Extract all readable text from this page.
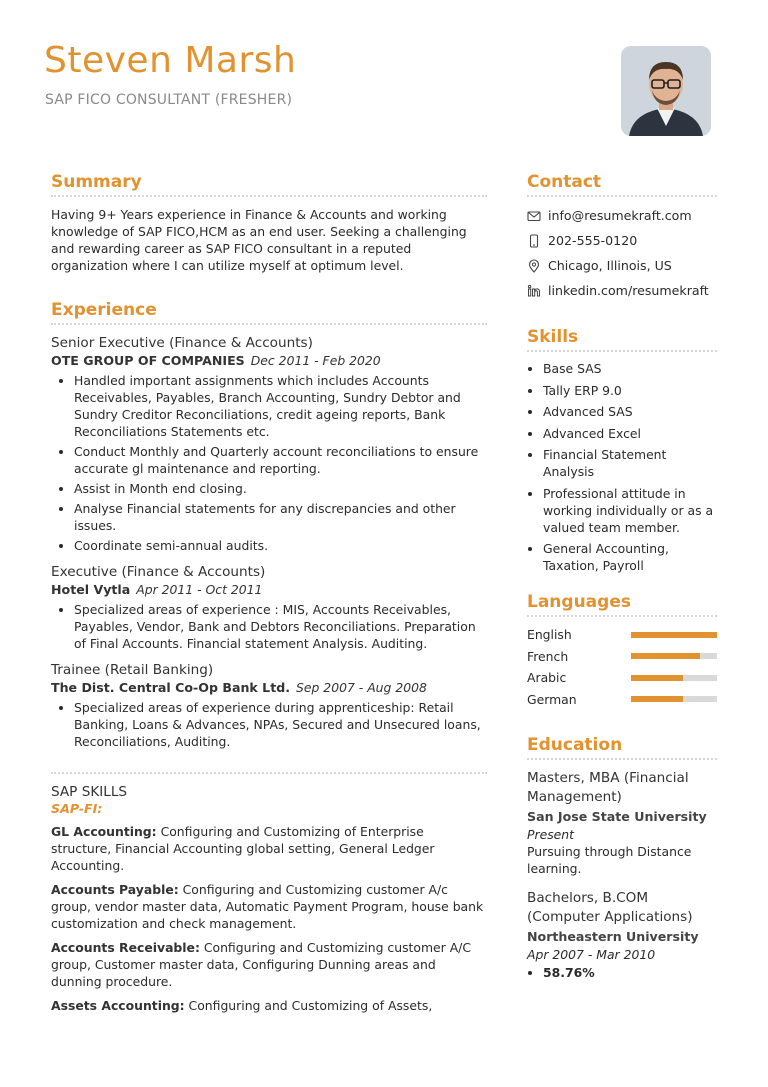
Steven Marsh
SAP FICO CONSULTANT (FRESHER)
Summary

Having 9+ Years experience in Finance & Accounts and working knowledge of SAP FICO,HCM as an end user. Seeking a challenging and rewarding career as SAP FICO consultant in a reputed organization where I can utilize myself at optimum level.

Experience
Senior Executive (Finance & Accounts)
OTE GROUP OF COMPANIES Dec 2011 - Feb 2020
• Handled important assignments which includes Accounts Receivables, Payables, Branch Accounting, Sundry Debtor and Sundry Creditor Reconciliations, credit ageing reports, Bank Reconciliations Statements etc.
• Conduct Monthly and Quarterly account reconciliations to ensure accurate gl maintenance and reporting.
• Assist in Month end closing.
• Analyse Financial statements for any discrepancies and other issues.
• Coordinate semi-annual audits.
Executive (Finance & Accounts)
Hotel Vytla Apr 2011 - Oct 2011
• Specialized areas of experience : MIS, Accounts Receivables, Payables, Vendor, Bank and Debtors Reconciliations. Preparation of Final Accounts. Financial statement Analysis. Auditing.
Trainee (Retail Banking)
The Dist. Central Co-Op Bank Ltd. Sep 2007 - Aug 2008
• Specialized areas of experience during apprenticeship: Retail Banking, Loans & Advances, NPAs, Secured and Unsecured loans, Reconciliations, Auditing.
SAP SKILLS
SAP-FI:
GL Accounting: Configuring and Customizing of Enterprise structure, Financial Accounting global setting, General Ledger Accounting.
Accounts Payable: Configuring and Customizing customer A/c group, vendor master data, Automatic Payment Program, house bank customization and check management.
Accounts Receivable: Configuring and Customizing customer A/C group, Customer master data, Configuring Dunning areas and dunning procedure.
Assets Accounting: Configuring and Customizing of Assets,
Contact
info@resumekraft.com
202-555-0120
Chicago, Illinois, US
linkedin.com/resumekraft
Skills
• Base SAS
• Tally ERP 9.0
• Advanced SAS
• Advanced Excel
• Financial Statement Analysis
• Professional attitude in working individually or as a valued team member.
• General Accounting, Taxation, Payroll
Languages
English
French
Arabic
German
Education
Masters, MBA (Financial Management)
San Jose State University
Present
Pursuing through Distance learning.
Bachelors, B.COM (Computer Applications)
Northeastern University
Apr 2007 - Mar 2010
• 58.76%
